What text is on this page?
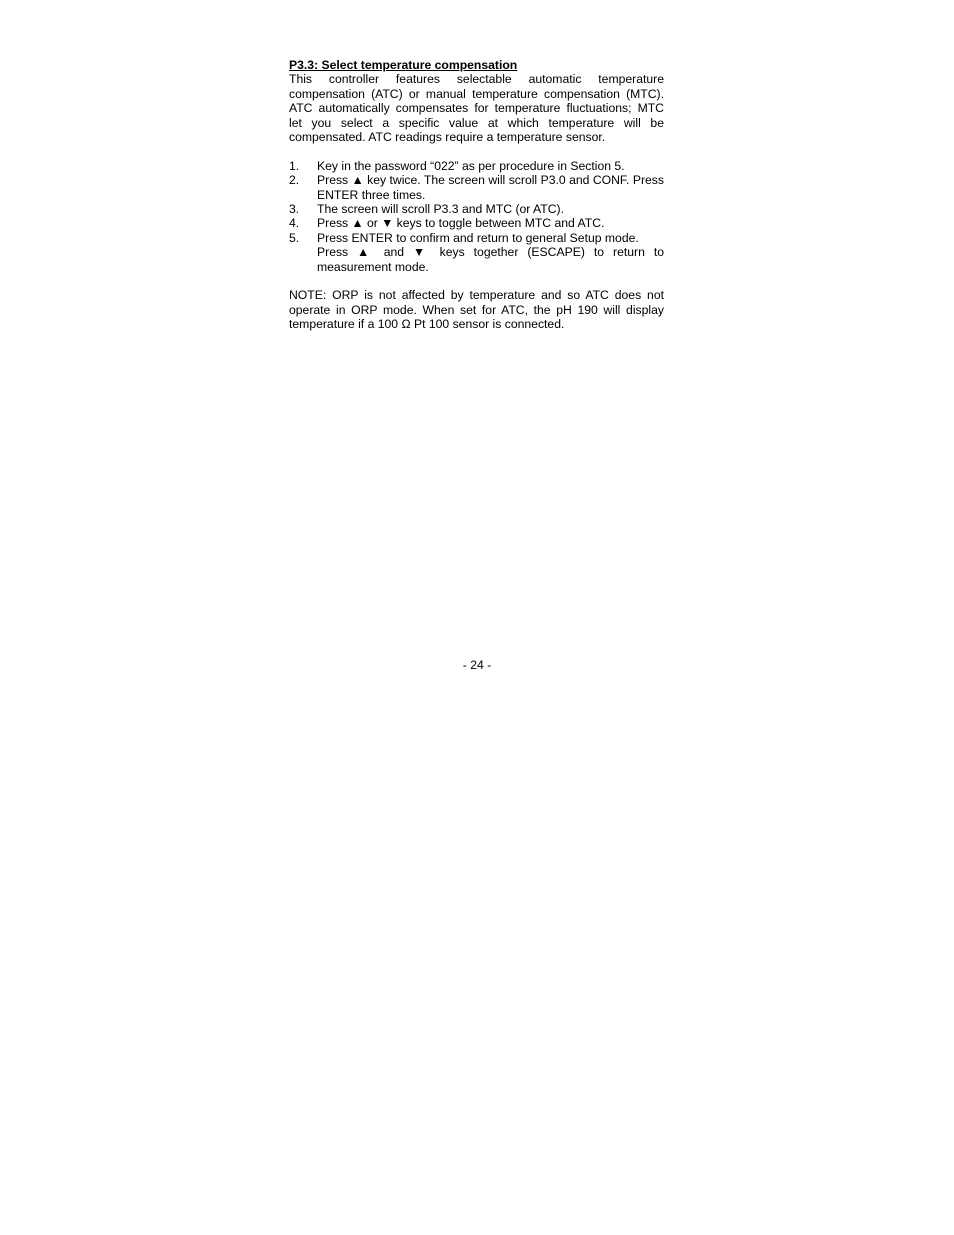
P3.3: Select temperature compensation

This controller features selectable automatic temperature compensation (ATC) or manual temperature compensation (MTC). ATC automatically compensates for temperature fluctuations; MTC let you select a specific value at which temperature will be compensated. ATC readings require a temperature sensor.

1. Key in the password “022” as per procedure in Section 5.
2. Press ▲ key twice. The screen will scroll P3.0 and CONF. Press ENTER three times.
3. The screen will scroll P3.3 and MTC (or ATC).
4. Press ▲ or ▼ keys to toggle between MTC and ATC.
5. Press ENTER to confirm and return to general Setup mode.
Press ▲ and ▼ keys together (ESCAPE) to return to measurement mode.

NOTE: ORP is not affected by temperature and so ATC does not operate in ORP mode. When set for ATC, the pH 190 will display temperature if a 100 Ω Pt 100 sensor is connected.

- 24 -
